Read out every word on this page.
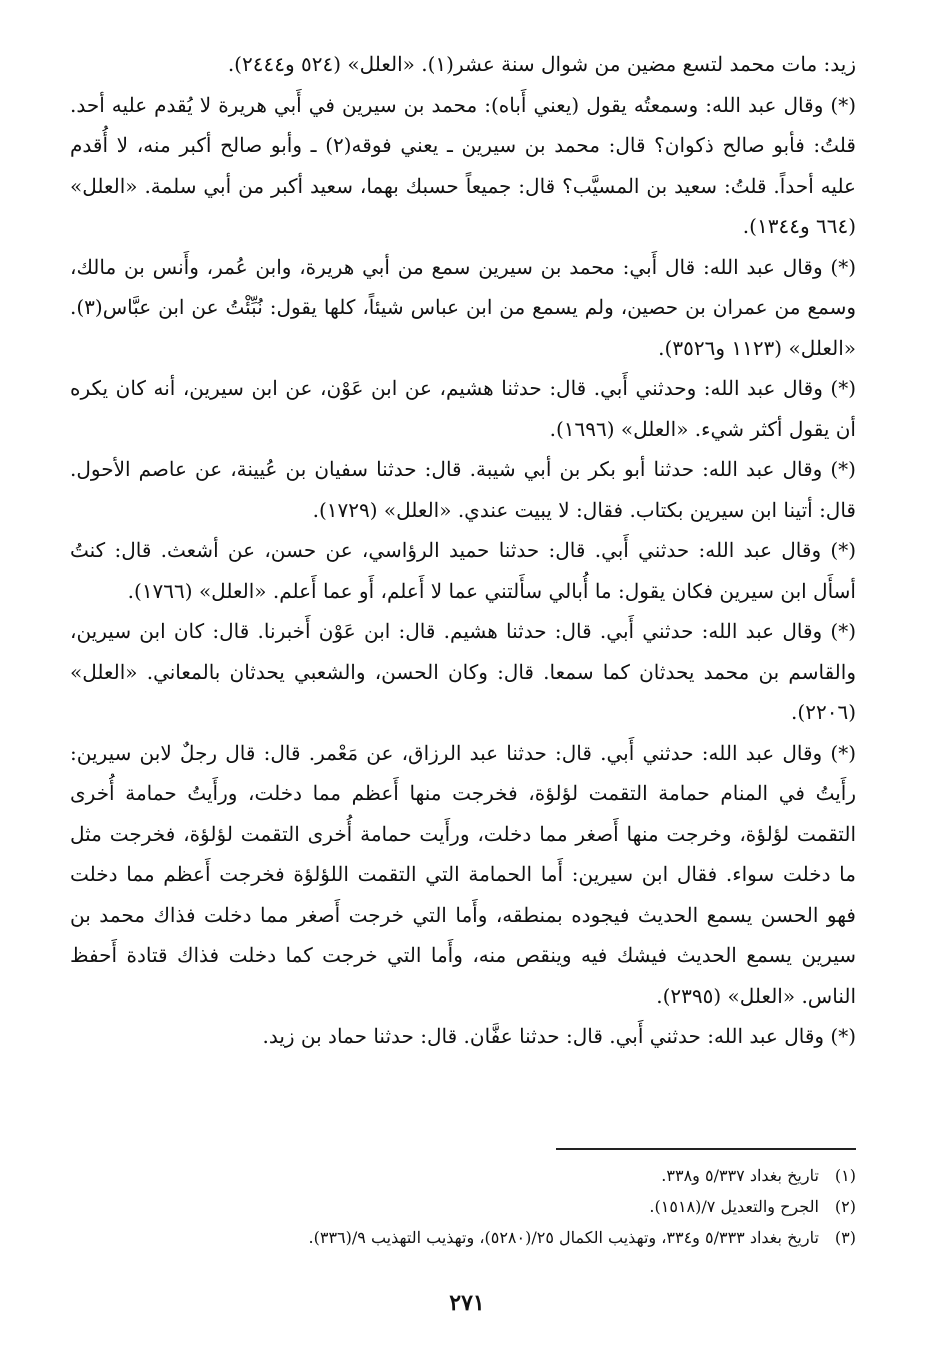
زيد: مات محمد لتسع مضين من شوال سنة عشر(١). «العلل» (٥٢٤ و٢٤٤٤).

(*) وقال عبد الله: وسمعتُه يقول (يعني أَباه): محمد بن سيرين في أَبي هريرة لا يُقدم عليه أحد. قلتُ: فأبو صالح ذكوان؟ قال: محمد بن سيرين ـ يعني فوقه(٢) ـ وأبو صالح أكبر منه، لا أُقدم عليه أحداً. قلتُ: سعيد بن المسيَّب؟ قال: جميعاً حسبك بهما، سعيد أكبر من أبي سلمة. «العلل» (٦٦٤ و١٣٤٤).

(*) وقال عبد الله: قال أَبي: محمد بن سيرين سمع من أبي هريرة، وابن عُمر، وأَنس بن مالك، وسمع من عمران بن حصين، ولم يسمع من ابن عباس شيئاً، كلها يقول: نُبِّئْتُ عن ابن عبَّاس(٣). «العلل» (١١٢٣ و٣٥٢٦).

(*) وقال عبد الله: وحدثني أَبي. قال: حدثنا هشيم، عن ابن عَوْن، عن ابن سيرين، أنه كان يكره أن يقول أكثر شيء. «العلل» (١٦٩٦).

(*) وقال عبد الله: حدثنا أبو بكر بن أبي شيبة. قال: حدثنا سفيان بن عُيينة، عن عاصم الأحول. قال: أتينا ابن سيرين بكتاب. فقال: لا يبيت عندي. «العلل» (١٧٢٩).

(*) وقال عبد الله: حدثني أَبي. قال: حدثنا حميد الرؤاسي، عن حسن، عن أشعث. قال: كنتُ أسأَل ابن سيرين فكان يقول: ما أُبالي سأَلتني عما لا أَعلم، أَو عما أَعلم. «العلل» (١٧٦٦).

(*) وقال عبد الله: حدثني أَبي. قال: حدثنا هشيم. قال: ابن عَوْن أَخبرنا. قال: كان ابن سيرين، والقاسم بن محمد يحدثان كما سمعا. قال: وكان الحسن، والشعبي يحدثان بالمعاني. «العلل» (٢٢٠٦).

(*) وقال عبد الله: حدثني أَبي. قال: حدثنا عبد الرزاق، عن مَعْمر. قال: قال رجلٌ لابن سيرين: رأَيتُ في المنام حمامة التقمت لؤلؤة، فخرجت منها أَعظم مما دخلت، ورأَيتُ حمامة أُخرى التقمت لؤلؤة، وخرجت منها أَصغر مما دخلت، ورأَيت حمامة أُخرى التقمت لؤلؤة، فخرجت مثل ما دخلت سواء. فقال ابن سيرين: أَما الحمامة التي التقمت اللؤلؤة فخرجت أَعظم مما دخلت فهو الحسن يسمع الحديث فيجوده بمنطقه، وأَما التي خرجت أَصغر مما دخلت فذاك محمد بن سيرين يسمع الحديث فيشك فيه وينقص منه، وأَما التي خرجت كما دخلت فذاك قتادة أَحفظ الناس. «العلل» (٢٣٩٥).

(*) وقال عبد الله: حدثني أَبي. قال: حدثنا عفَّان. قال: حدثنا حماد بن زيد.

(١)تاريخ بغداد ٥/٣٣٧ و٣٣٨.

(٢)الجرح والتعديل ٧/(١٥١٨).

(٣)تاريخ بغداد ٥/٣٣٣ و٣٣٤، وتهذيب الكمال ٢٥/(٥٢٨٠)، وتهذيب التهذيب ٩/(٣٣٦).

٢٧١
